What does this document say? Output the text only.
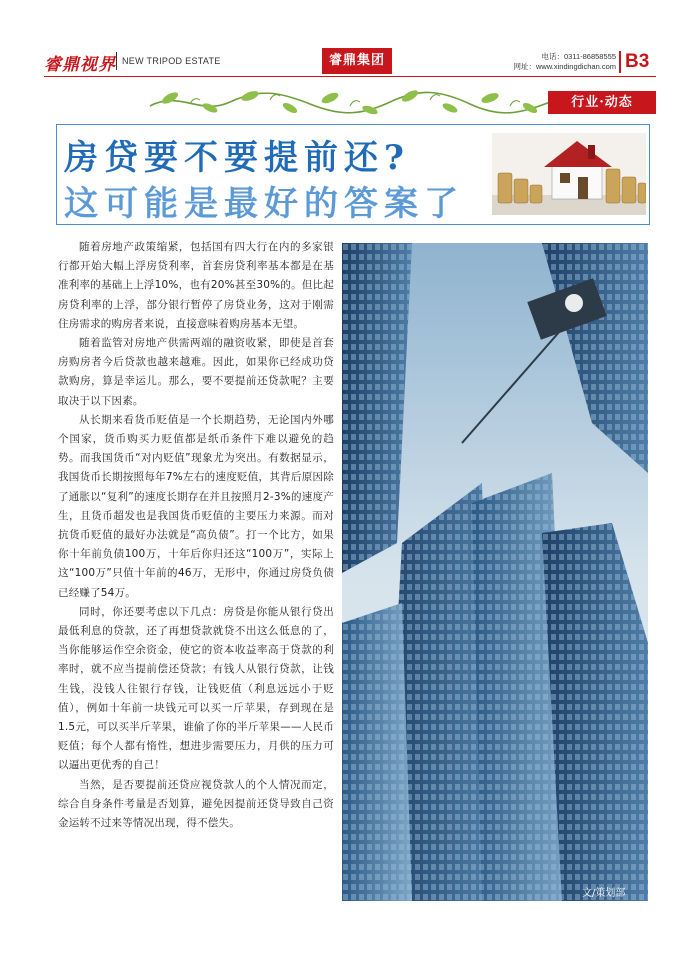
睿鼎视界 NEW TRIPOD ESTATE	睿鼎集团	电话：0311-86858555
网址：www.xindingdichan.com B3
行业·动态
房贷要不要提前还?
这可能是最好的答案了

随着房地产政策缩紧，包括国有四大行在内的多家银行都开始大幅上浮房贷利率，首套房贷利率基本都是在基准利率的基础上上浮10%，也有20%甚至30%的。但比起房贷利率的上浮，部分银行暂停了房贷业务，这对于刚需住房需求的购房者来说，直接意味着购房基本无望。

随着监管对房地产供需两端的融资收紧，即使是首套房购房者今后贷款也越来越难。因此，如果你已经成功贷款购房，算是幸运儿。那么，要不要提前还贷款呢？主要取决于以下因素。

从长期来看货币贬值是一个长期趋势，无论国内外哪个国家，货币购买力贬值都是纸币条件下难以避免的趋势。而我国货币“对内贬值”现象尤为突出。有数据显示，我国货币长期按照每年7%左右的速度贬值，其背后原因除了通胀以“复利”的速度长期存在并且按照月2-3%的速度产生，且货币超发也是我国货币贬值的主要压力来源。而对抗货币贬值的最好办法就是“高负债”。打一个比方，如果你十年前负债100万，十年后你归还这“100万”，实际上这“100万”只值十年前的46万，无形中，你通过房贷负债已经赚了54万。

同时，你还要考虑以下几点：房贷是你能从银行贷出最低利息的贷款，还了再想贷款就贷不出这么低息的了，当你能够运作空余资金，使它的资本收益率高于贷款的利率时，就不应当提前偿还贷款；有钱人从银行贷款，让钱生钱，没钱人往银行存钱，让钱贬值（利息远远小于贬值），例如十年前一块钱元可以买一斤苹果，存到现在是1.5元，可以买半斤苹果，谁偷了你的半斤苹果——人民币贬值；每个人都有惰性，想进步需要压力，月供的压力可以逼出更优秀的自己！

当然，是否要提前还贷应视贷款人的个人情况而定，综合自身条件考量是否划算，避免因提前还贷导致自己资金运转不过来等情况出现，得不偿失。

文/策划部
